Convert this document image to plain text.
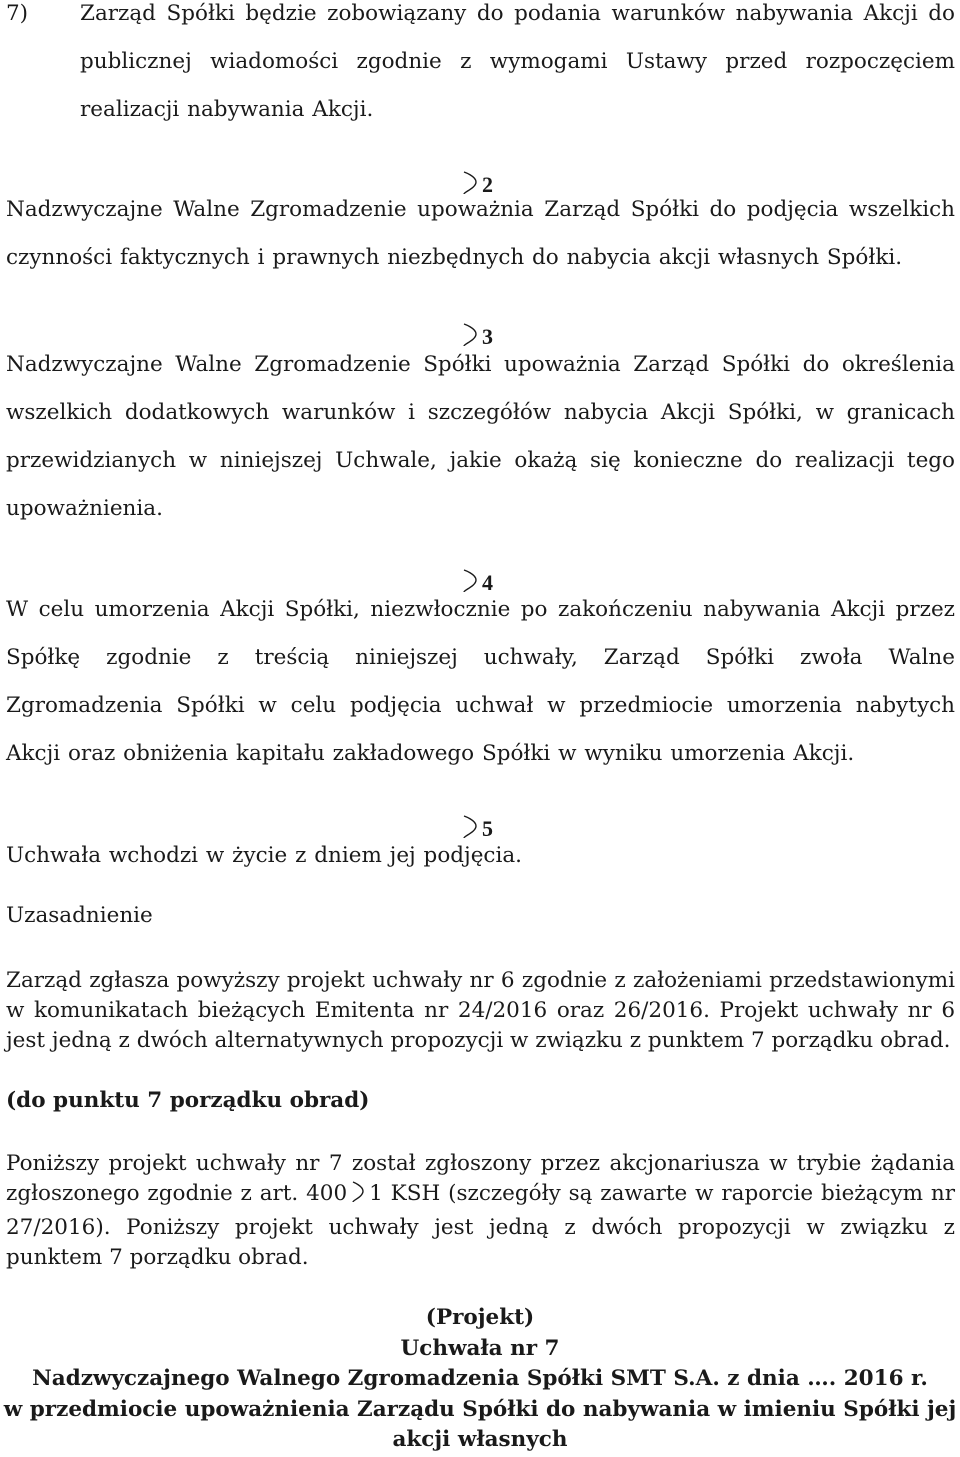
7)	Zarząd Spółki będzie zobowiązany do podania warunków nabywania Akcji do publicznej wiadomości zgodnie z wymogami Ustawy przed rozpoczęciem realizacji nabywania Akcji.

2

Nadzwyczajne Walne Zgromadzenie upoważnia Zarząd Spółki do podjęcia wszelkich czynności faktycznych i prawnych niezbędnych do nabycia akcji własnych Spółki.

3

Nadzwyczajne Walne Zgromadzenie Spółki upoważnia Zarząd Spółki do określenia wszelkich dodatkowych warunków i szczegółów nabycia Akcji Spółki, w granicach przewidzianych w niniejszej Uchwale, jakie okażą się konieczne do realizacji tego upoważnienia.

4

W celu umorzenia Akcji Spółki, niezwłocznie po zakończeniu nabywania Akcji przez Spółkę zgodnie z treścią niniejszej uchwały, Zarząd Spółki zwoła Walne Zgromadzenia Spółki w celu podjęcia uchwał w przedmiocie umorzenia nabytych Akcji oraz obniżenia kapitału zakładowego Spółki w wyniku umorzenia Akcji.

5

Uchwała wchodzi w życie z dniem jej podjęcia.

Uzasadnienie

Zarząd zgłasza powyższy projekt uchwały nr 6 zgodnie z założeniami przedstawionymi w komunikatach bieżących Emitenta nr 24/2016 oraz 26/2016. Projekt uchwały nr 6 jest jedną z dwóch alternatywnych propozycji w związku z punktem 7 porządku obrad.

(do punktu 7 porządku obrad)

Poniższy projekt uchwały nr 7 został zgłoszony przez akcjonariusza w trybie żądania zgłoszonego zgodnie z art. 400 1 KSH (szczegóły są zawarte w raporcie bieżącym nr 27/2016). Poniższy projekt uchwały jest jedną z dwóch propozycji w związku z punktem 7 porządku obrad.

(Projekt)
Uchwała nr 7
Nadzwyczajnego Walnego Zgromadzenia Spółki SMT S.A. z dnia …. 2016 r.
w przedmiocie upoważnienia Zarządu Spółki do nabywania w imieniu Spółki jej
akcji własnych
